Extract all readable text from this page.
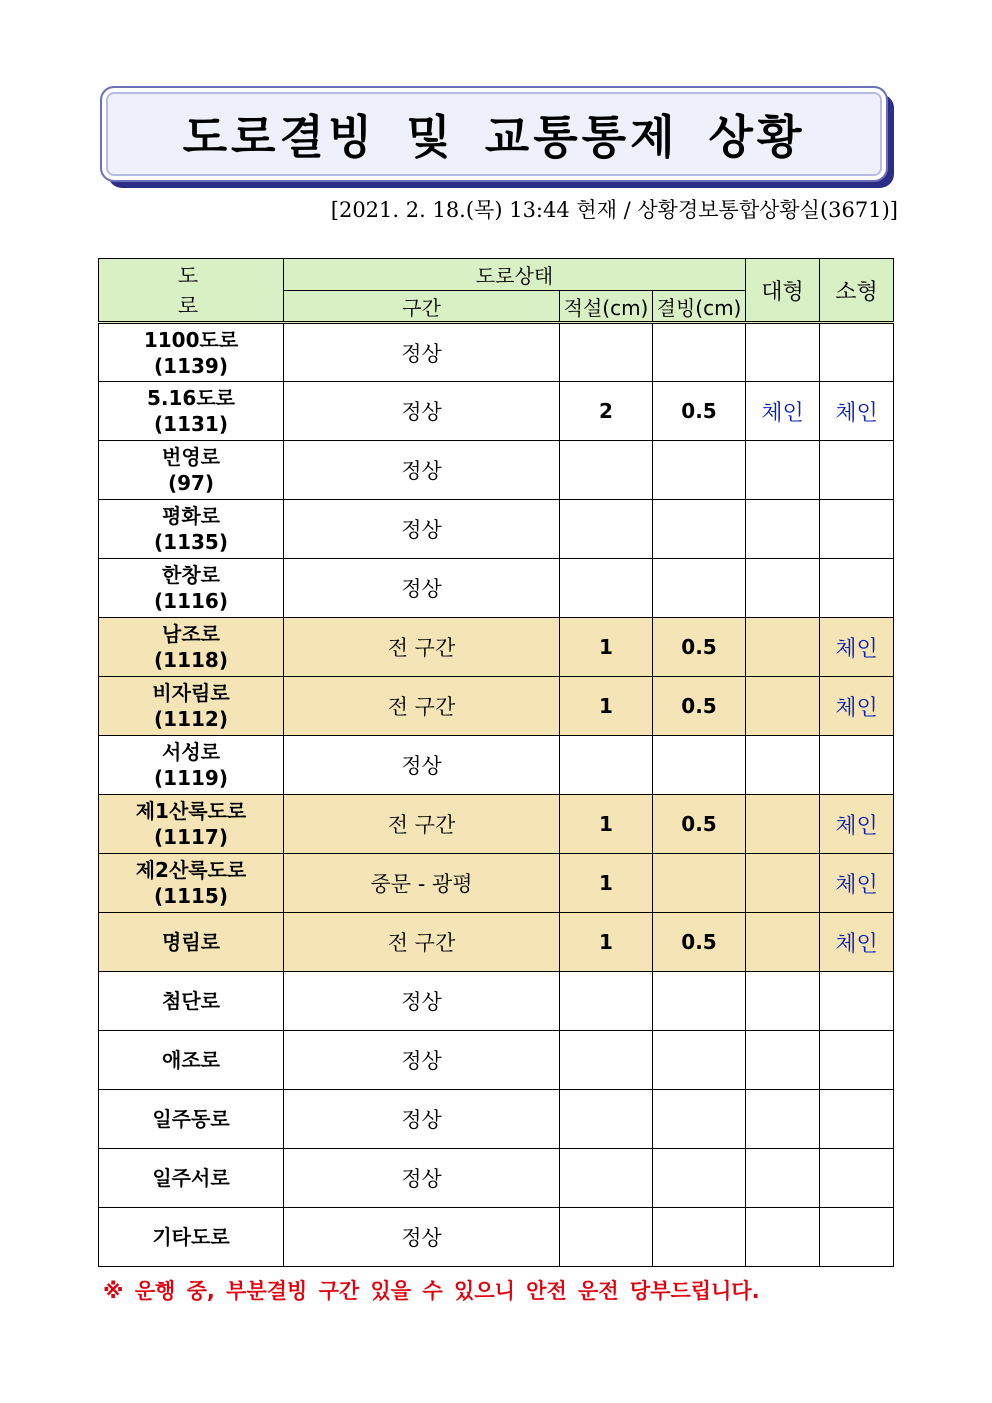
도로결빙 및 교통통제 상황
[2021. 2. 18.(목) 13:44 현재 / 상황경보통합상황실(3671)]
도 로	도로상태			대형	소형
	구간	적설(cm)	결빙(cm)		

1100도로
(1139)	정상				

5.16도로
(1131)	정상	2	0.5	체인	체인

번영로
(97)	정상				

평화로
(1135)	정상				

한창로
(1116)	정상				

남조로
(1118)	전 구간	1	0.5		체인

비자림로
(1112)	전 구간	1	0.5		체인

서성로
(1119)	정상				

제1산록도로
(1117)	전 구간	1	0.5		체인

제2산록도로
(1115)	중문 - 광평	1			체인

명림로	전 구간	1	0.5		체인

첨단로	정상				

애조로	정상				

일주동로	정상				

일주서로	정상				

기타도로	정상				
※ 운행 중, 부분결빙 구간 있을 수 있으니 안전 운전 당부드립니다.
